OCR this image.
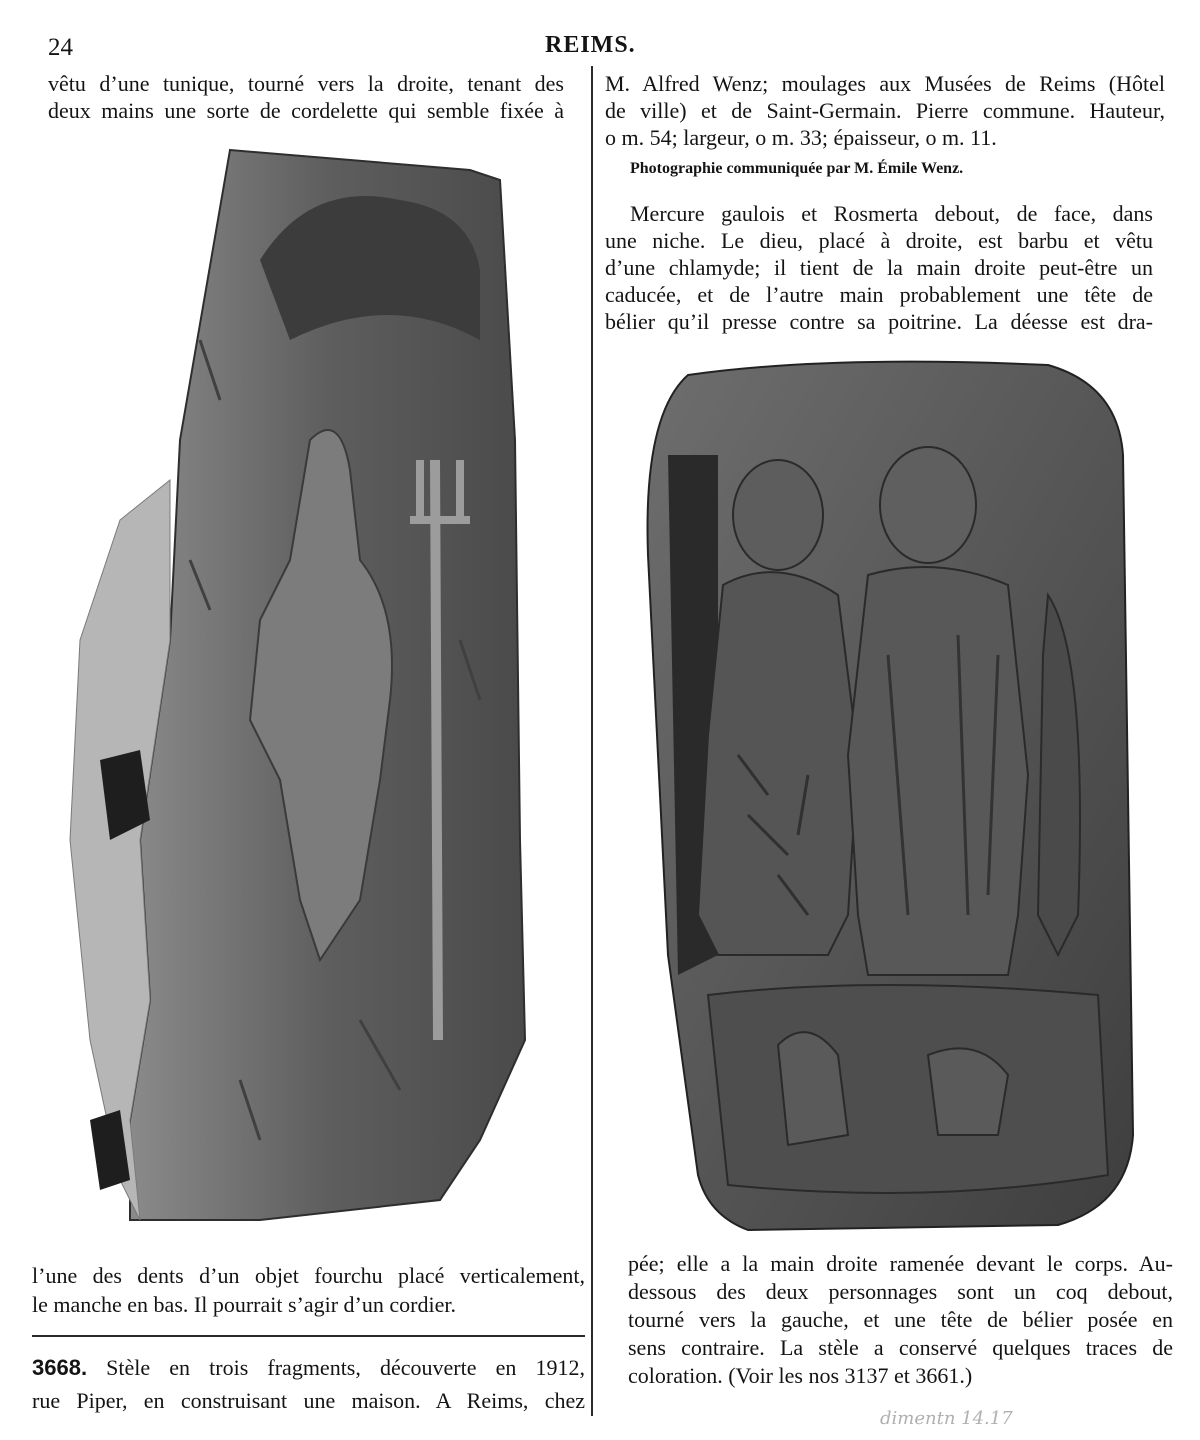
24	REIMS.
vêtu d’une tunique, tourné vers la droite, tenant des
deux mains une sorte de cordelette qui semble fixée à
l’une des dents d’un objet fourchu placé verticalement,
le manche en bas. Il pourrait s’agir d’un cordier.
3668. Stèle en trois fragments, découverte en 1912,
rue Piper, en construisant une maison. A Reims, chez
M. Alfred Wenz; moulages aux Musées de Reims (Hôtel
de ville) et de Saint-Germain. Pierre commune. Hauteur,
o m. 54; largeur, o m. 33; épaisseur, o m. 11.
Photographie communiquée par M. Émile Wenz.
Mercure gaulois et Rosmerta debout, de face, dans
une niche. Le dieu, placé à droite, est barbu et vêtu
d’une chlamyde; il tient de la main droite peut-être un
caducée, et de l’autre main probablement une tête de
bélier qu’il presse contre sa poitrine. La déesse est dra-
pée; elle a la main droite ramenée devant le corps. Au-
dessous des deux personnages sont un coq debout,
tourné vers la gauche, et une tête de bélier posée en
sens contraire. La stèle a conservé quelques traces de
coloration. (Voir les nos 3137 et 3661.)
dimentn 14.17
